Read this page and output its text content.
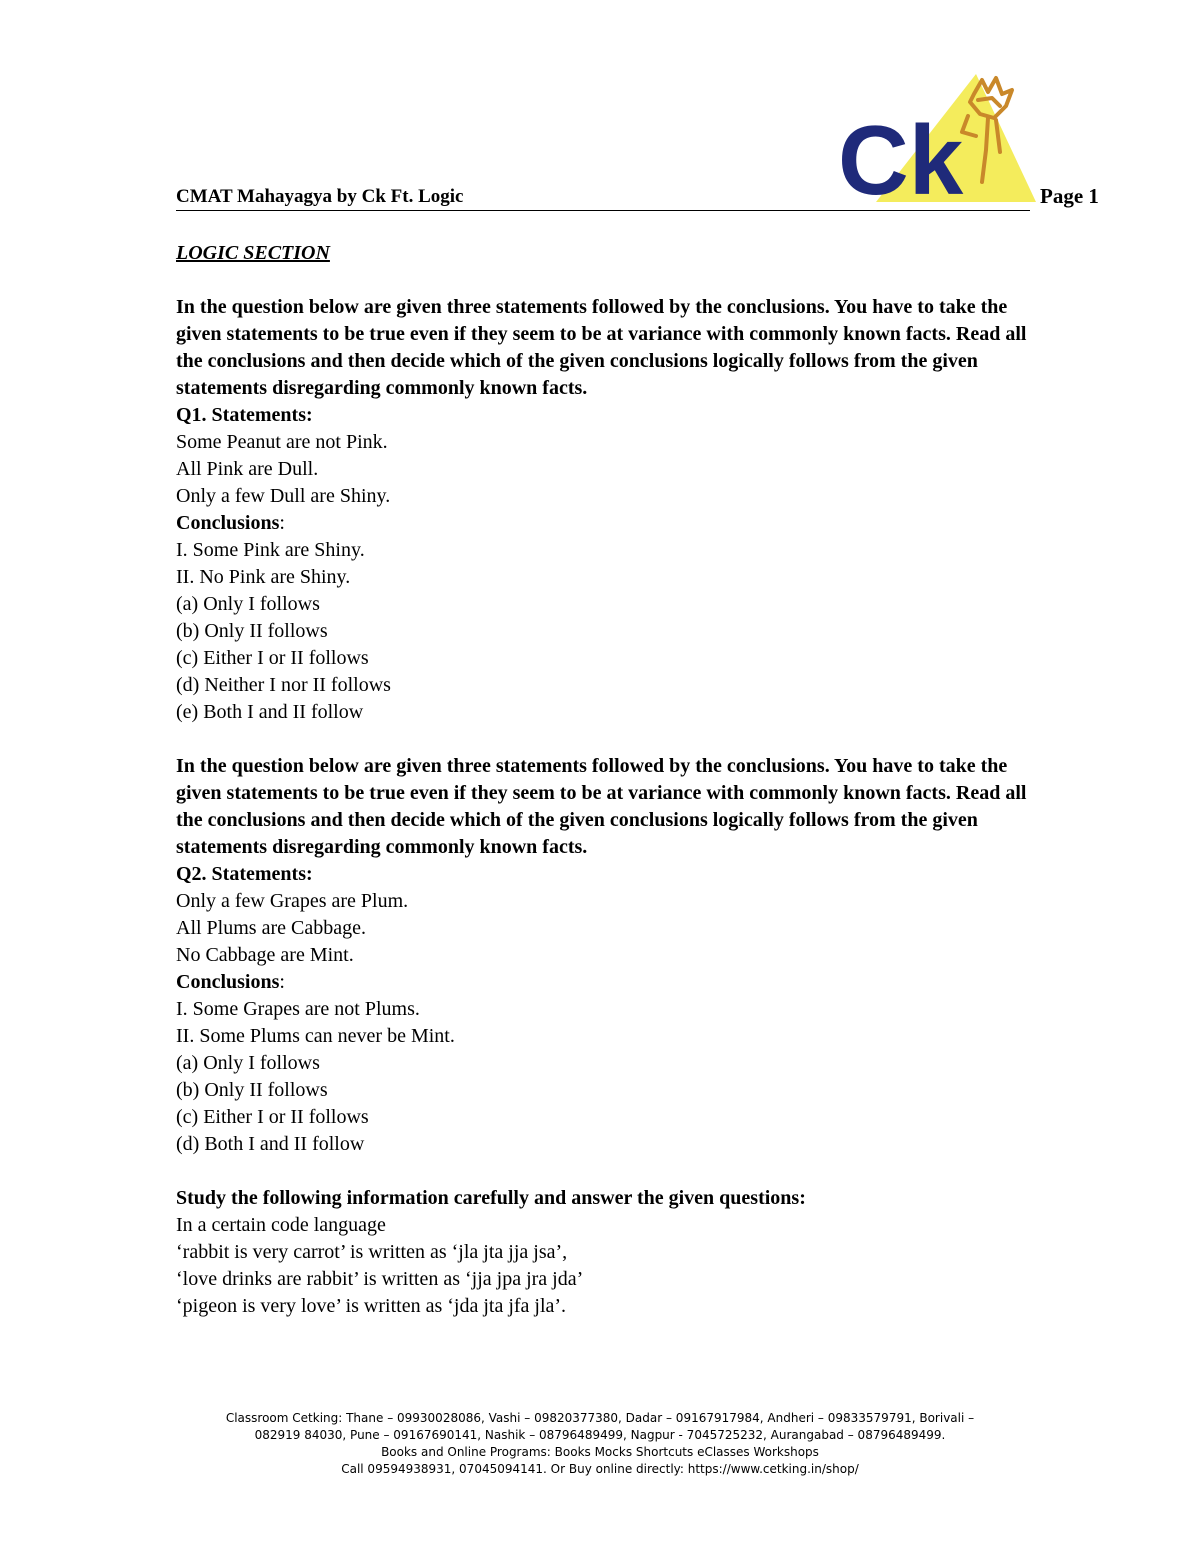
Ck
CMAT Mahayagya by Ck Ft. Logic	Page 1
LOGIC SECTION
In the question below are given three statements followed by the conclusions. You have to take the given statements to be true even if they seem to be at variance with commonly known facts. Read all the conclusions and then decide which of the given conclusions logically follows from the given statements disregarding commonly known facts.
Q1. Statements:
Some Peanut are not Pink.
All Pink are Dull.
Only a few Dull are Shiny.
Conclusions:
I. Some Pink are Shiny.
II. No Pink are Shiny.
(a) Only I follows
(b) Only II follows
(c) Either I or II follows
(d) Neither I nor II follows
(e) Both I and II follow
In the question below are given three statements followed by the conclusions. You have to take the given statements to be true even if they seem to be at variance with commonly known facts. Read all the conclusions and then decide which of the given conclusions logically follows from the given statements disregarding commonly known facts.
Q2. Statements:
Only a few Grapes are Plum.
All Plums are Cabbage.
No Cabbage are Mint.
Conclusions:
I. Some Grapes are not Plums.
II. Some Plums can never be Mint.
(a) Only I follows
(b) Only II follows
(c) Either I or II follows
(d) Both I and II follow
Study the following information carefully and answer the given questions:
In a certain code language
‘rabbit is very carrot’ is written as ‘jla jta jja jsa’,
‘love drinks are rabbit’ is written as ‘jja jpa jra jda’
‘pigeon is very love’ is written as ‘jda jta jfa jla’.
Classroom Cetking: Thane – 09930028086, Vashi – 09820377380, Dadar – 09167917984, Andheri – 09833579791, Borivali –
082919 84030, Pune – 09167690141, Nashik – 08796489499, Nagpur - 7045725232, Aurangabad – 08796489499.
Books and Online Programs: Books Mocks Shortcuts eClasses Workshops
Call 09594938931, 07045094141. Or Buy online directly: https://www.cetking.in/shop/
